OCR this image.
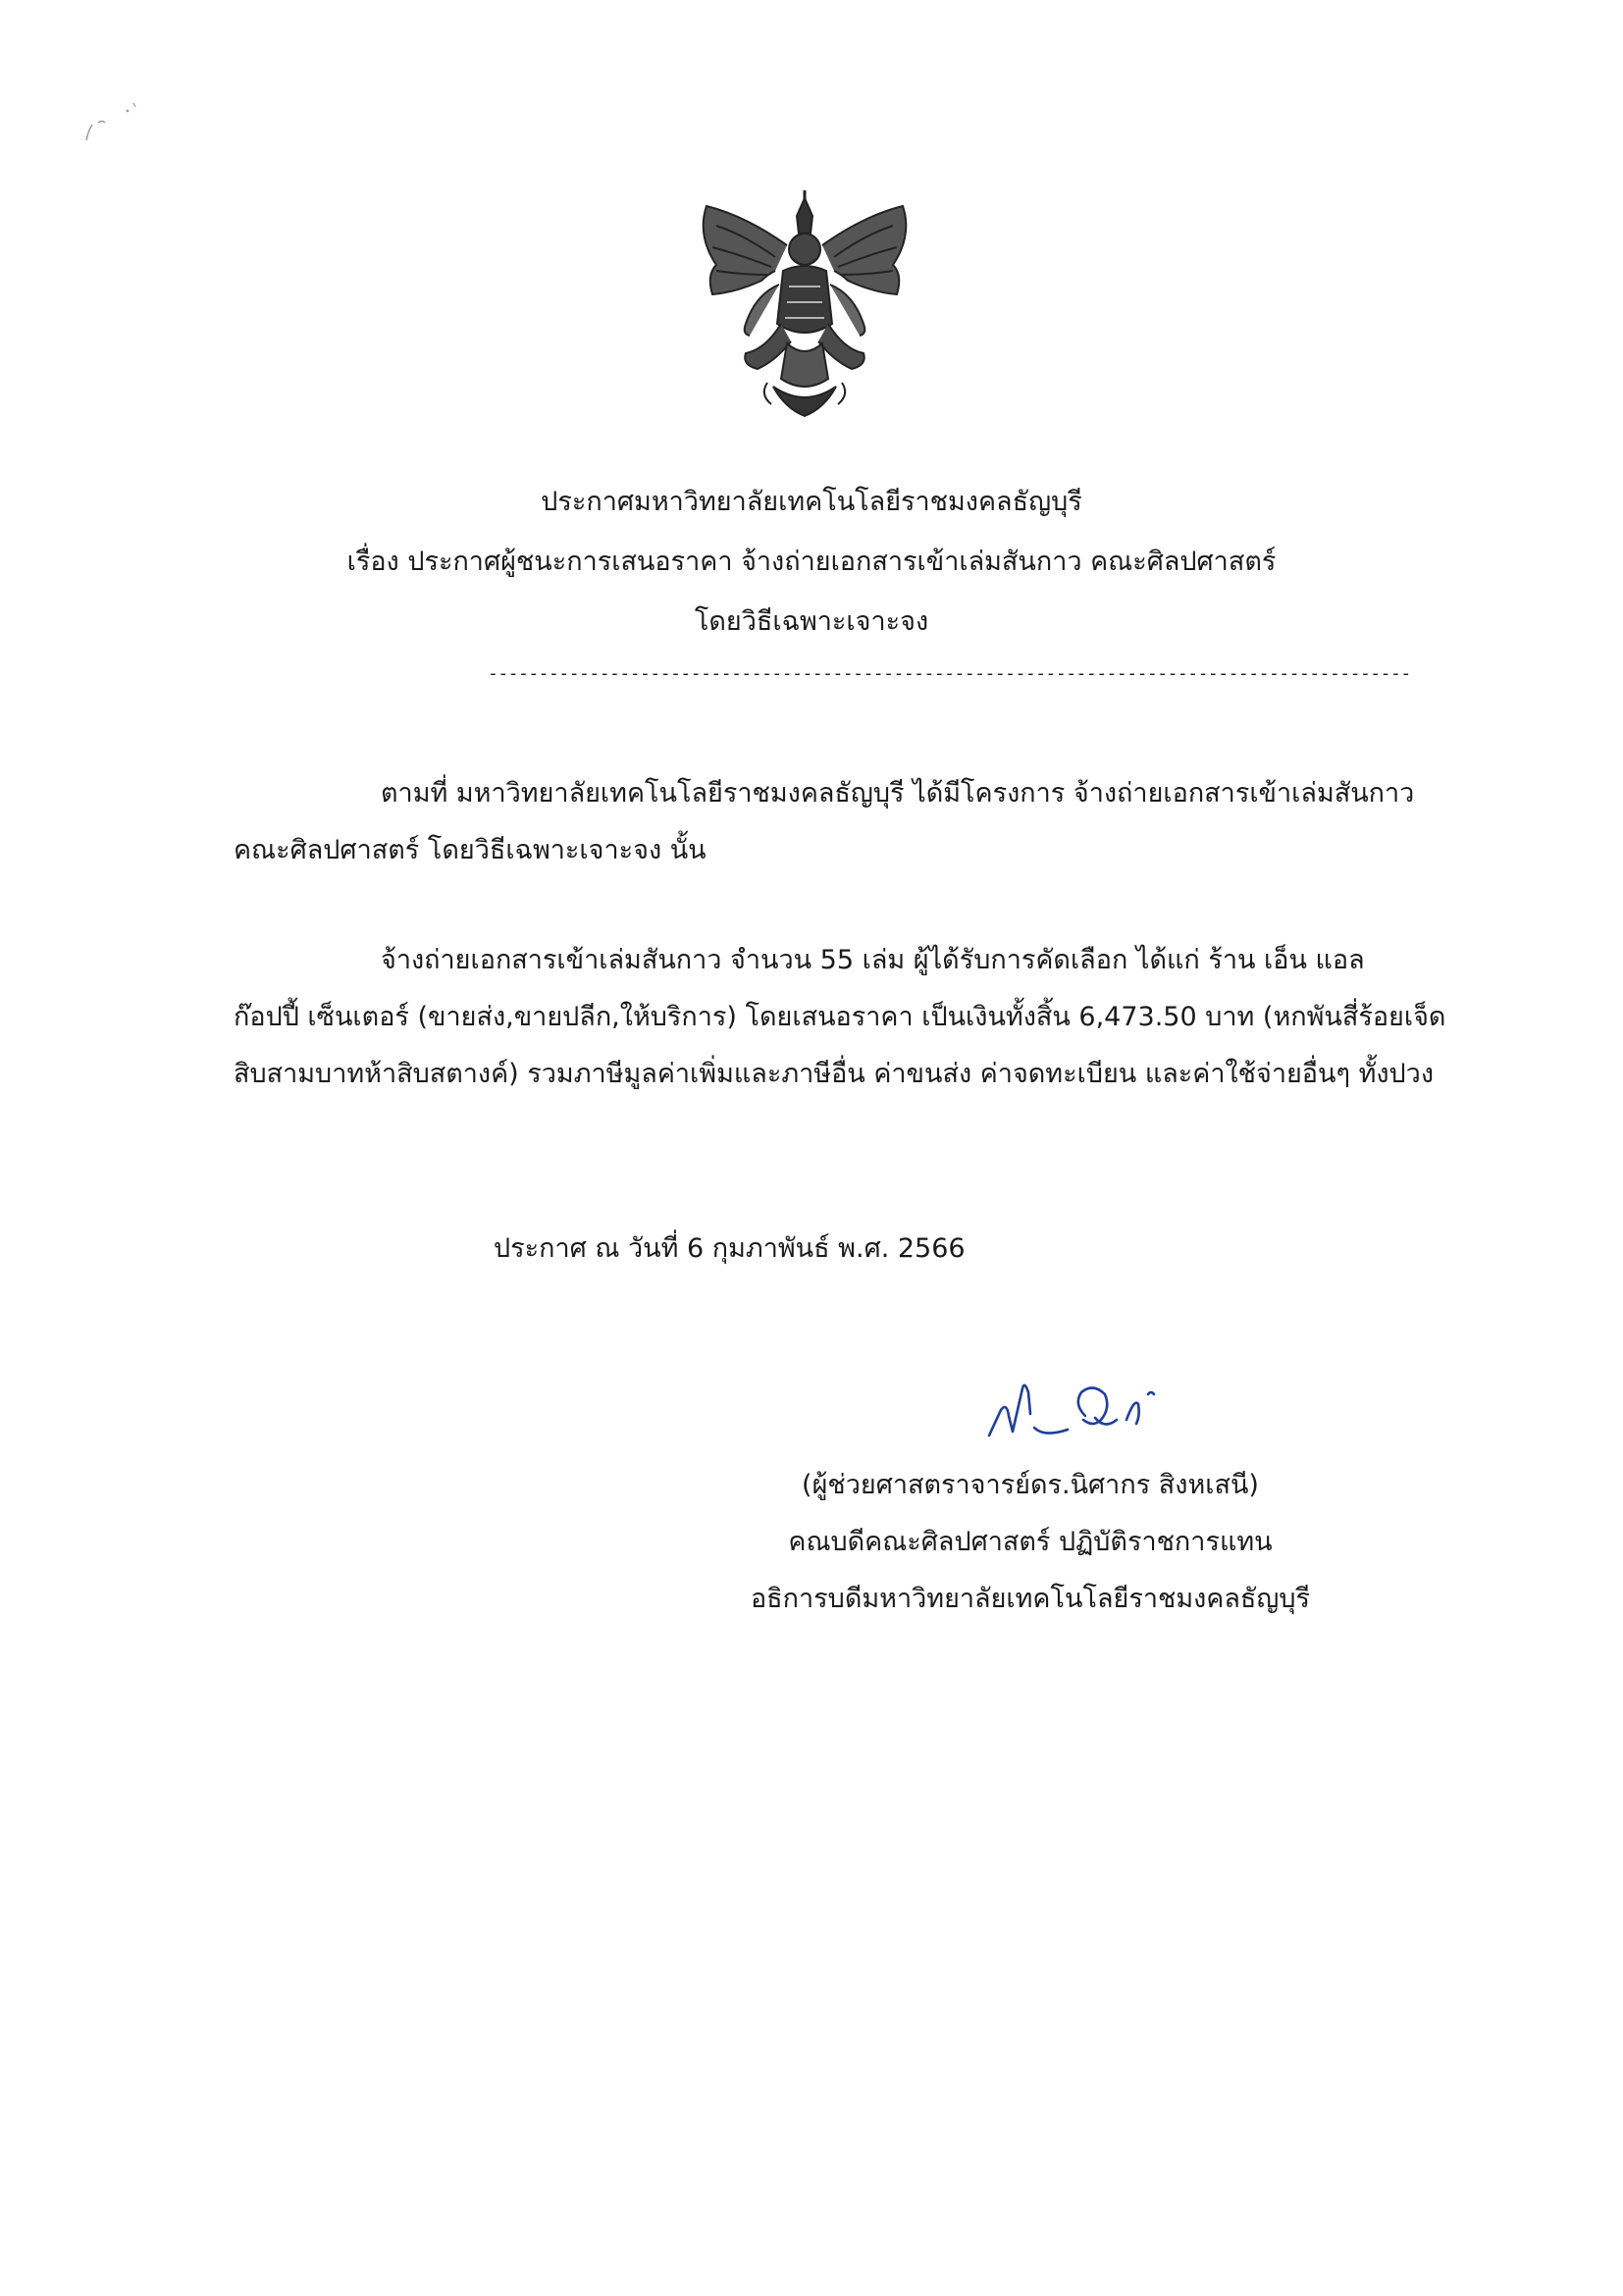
ประกาศมหาวิทยาลัยเทคโนโลยีราชมงคลธัญบุรี
เรื่อง ประกาศผู้ชนะการเสนอราคา จ้างถ่ายเอกสารเข้าเล่มสันกาว คณะศิลปศาสตร์
โดยวิธีเฉพาะเจาะจง
-------------------------------------------------------------------------------------------
ตามที่ มหาวิทยาลัยเทคโนโลยีราชมงคลธัญบุรี ได้มีโครงการ จ้างถ่ายเอกสารเข้าเล่มสันกาว
คณะศิลปศาสตร์ โดยวิธีเฉพาะเจาะจง นั้น
จ้างถ่ายเอกสารเข้าเล่มสันกาว จำนวน 55 เล่ม ผู้ได้รับการคัดเลือก ได้แก่ ร้าน เอ็น แอล
ก๊อปปี้ เซ็นเตอร์ (ขายส่ง,ขายปลีก,ให้บริการ) โดยเสนอราคา เป็นเงินทั้งสิ้น 6,473.50 บาท (หกพันสี่ร้อยเจ็ด
สิบสามบาทห้าสิบสตางค์) รวมภาษีมูลค่าเพิ่มและภาษีอื่น ค่าขนส่ง ค่าจดทะเบียน และค่าใช้จ่ายอื่นๆ ทั้งปวง
ประกาศ ณ วันที่ 6 กุมภาพันธ์ พ.ศ. 2566
(ผู้ช่วยศาสตราจารย์ดร.นิศากร สิงหเสนี)
คณบดีคณะศิลปศาสตร์ ปฏิบัติราชการแทน
อธิการบดีมหาวิทยาลัยเทคโนโลยีราชมงคลธัญบุรี
